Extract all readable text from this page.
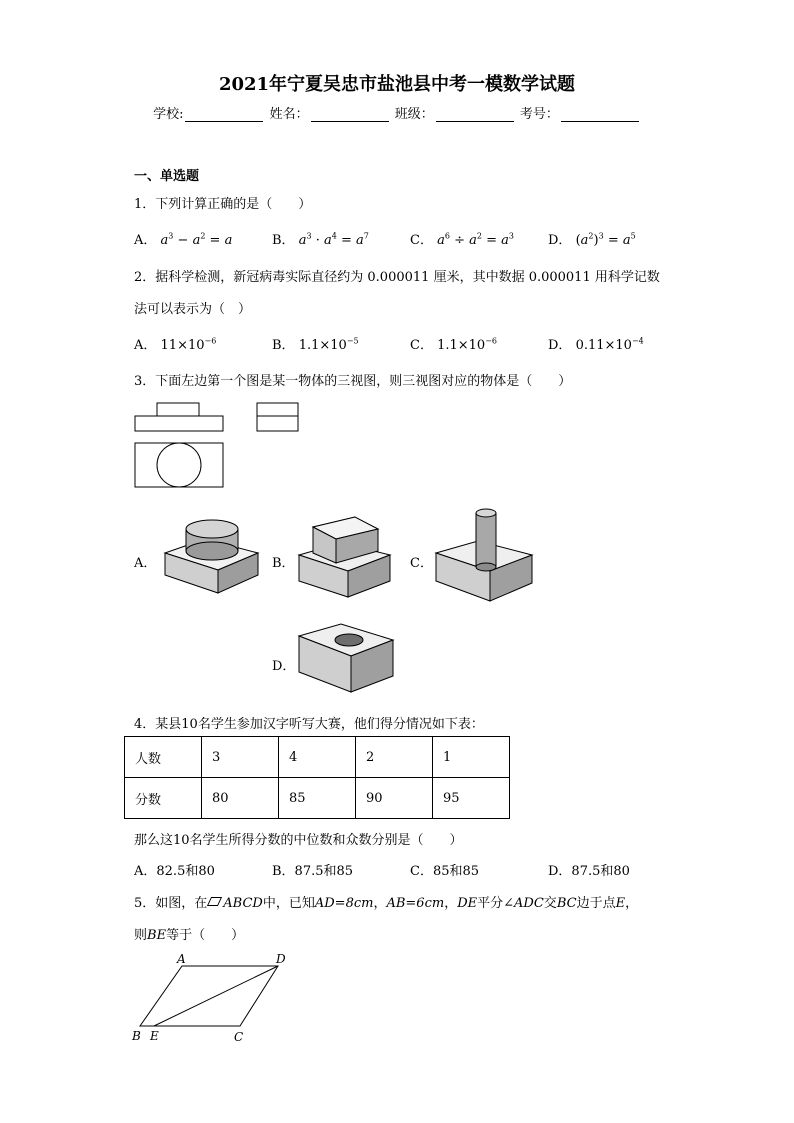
2021年宁夏吴忠市盐池县中考一模数学试题
学校:	姓名：	班级：	考号：
一、单选题
1．下列计算正确的是（　　）
A． $a^3 - a^2 = a$	B． $a^3 \cdot a^4 = a^7$	C． $a^6 \div a^2 = a^3$	D． $(a^2)^3 = a^5$
2．据科学检测，新冠病毒实际直径约为 0.000011 厘米，其中数据 0.000011 用科学记数
法可以表示为（　）
A． $11\times 10^{-6}$	B． $1.1\times 10^{-5}$	C． $1.1\times 10^{-6}$	D． $0.11\times 10^{-4}$
3．下面左边第一个图是某一物体的三视图，则三视图对应的物体是（　　）
A．	B．	C．
D．
4．某县10名学生参加汉字听写大赛，他们得分情况如下表：
人数	3	4	2	1
分数	80	85	90	95
那么这10名学生所得分数的中位数和众数分别是（　　）
A．82.5和80	B．87.5和85	C．85和85	D．87.5和80
5．如图，在 ABCD中，已知AD=8cm，AB=6cm，DE平分∠ADC交BC边于点E，
则BE等于（　　）
A	D
B E	C
